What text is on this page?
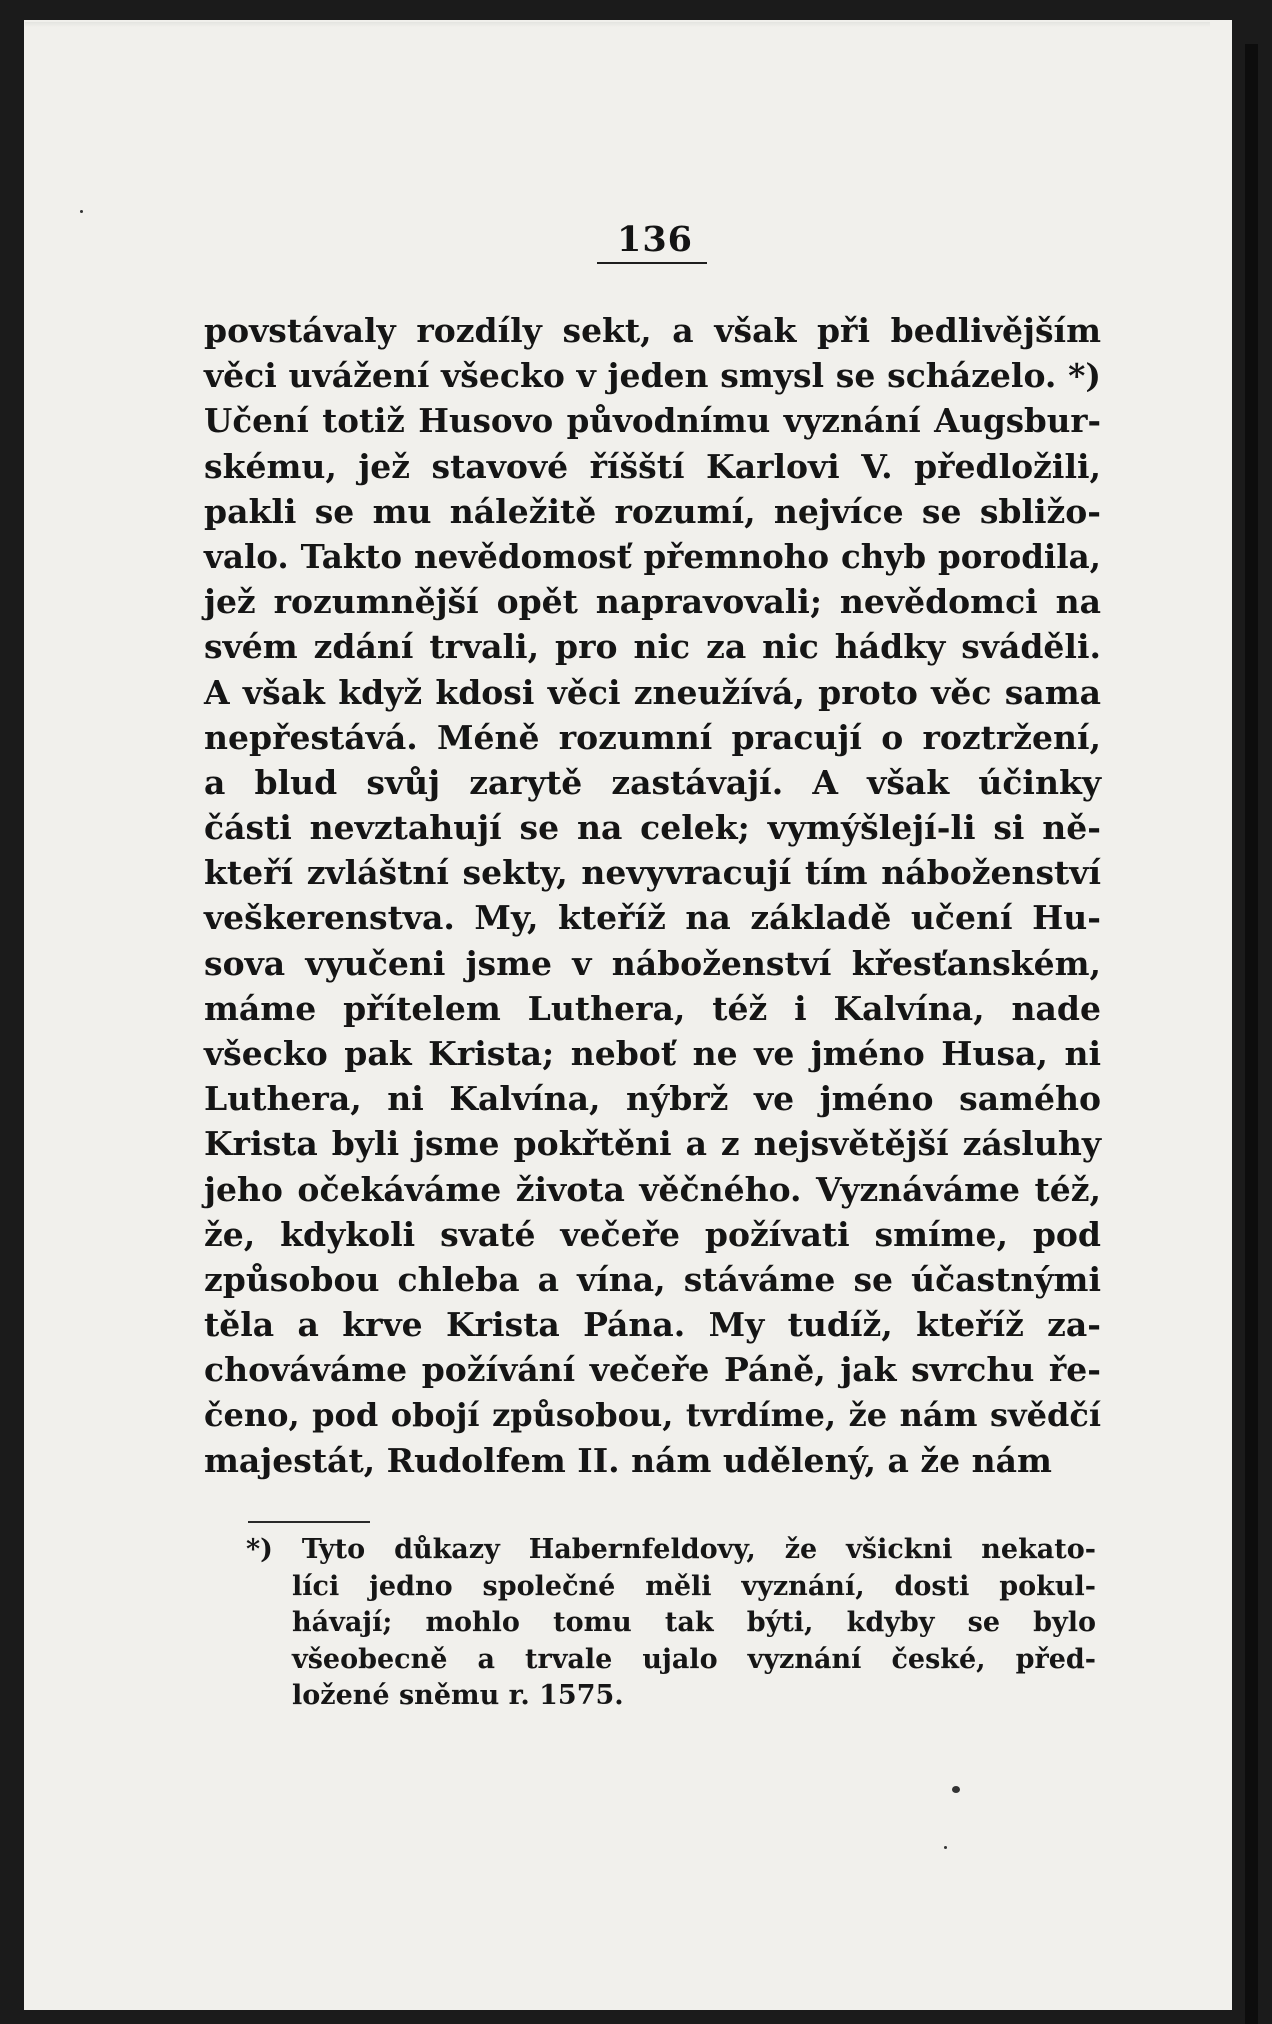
136
povstávaly rozdíly sekt, a však při bedlivějším
věci uvážení všecko v jeden smysl se scházelo. *)
Učení totiž Husovo původnímu vyznání Augsbur-
skému, jež stavové říšští Karlovi V. předložili,
pakli se mu náležitě rozumí, nejvíce se sbližo-
valo. Takto nevědomosť přemnoho chyb porodila,
jež rozumnější opět napravovali; nevědomci na
svém zdání trvali, pro nic za nic hádky sváděli.
A však když kdosi věci zneužívá, proto věc sama
nepřestává. Méně rozumní pracují o roztržení,
a blud svůj zarytě zastávají. A však účinky
části nevztahují se na celek; vymýšlejí-li si ně-
kteří zvláštní sekty, nevyvracují tím náboženství
veškerenstva. My, kteříž na základě učení Hu-
sova vyučeni jsme v náboženství křesťanském,
máme přítelem Luthera, též i Kalvína, nade
všecko pak Krista; neboť ne ve jméno Husa, ni
Luthera, ni Kalvína, nýbrž ve jméno samého
Krista byli jsme pokřtěni a z nejsvětější zásluhy
jeho očekáváme života věčného. Vyznáváme též,
že, kdykoli svaté večeře požívati smíme, pod
způsobou chleba a vína, stáváme se účastnými
těla a krve Krista Pána. My tudíž, kteříž za-
chováváme požívání večeře Páně, jak svrchu ře-
čeno, pod obojí způsobou, tvrdíme, že nám svědčí
majestát, Rudolfem II. nám udělený, a že nám
*) Tyto důkazy Habernfeldovy, že všickni nekato-
líci jedno společné měli vyznání, dosti pokul-
hávají; mohlo tomu tak býti, kdyby se bylo
všeobecně a trvale ujalo vyznání české, před-
ložené sněmu r. 1575.
